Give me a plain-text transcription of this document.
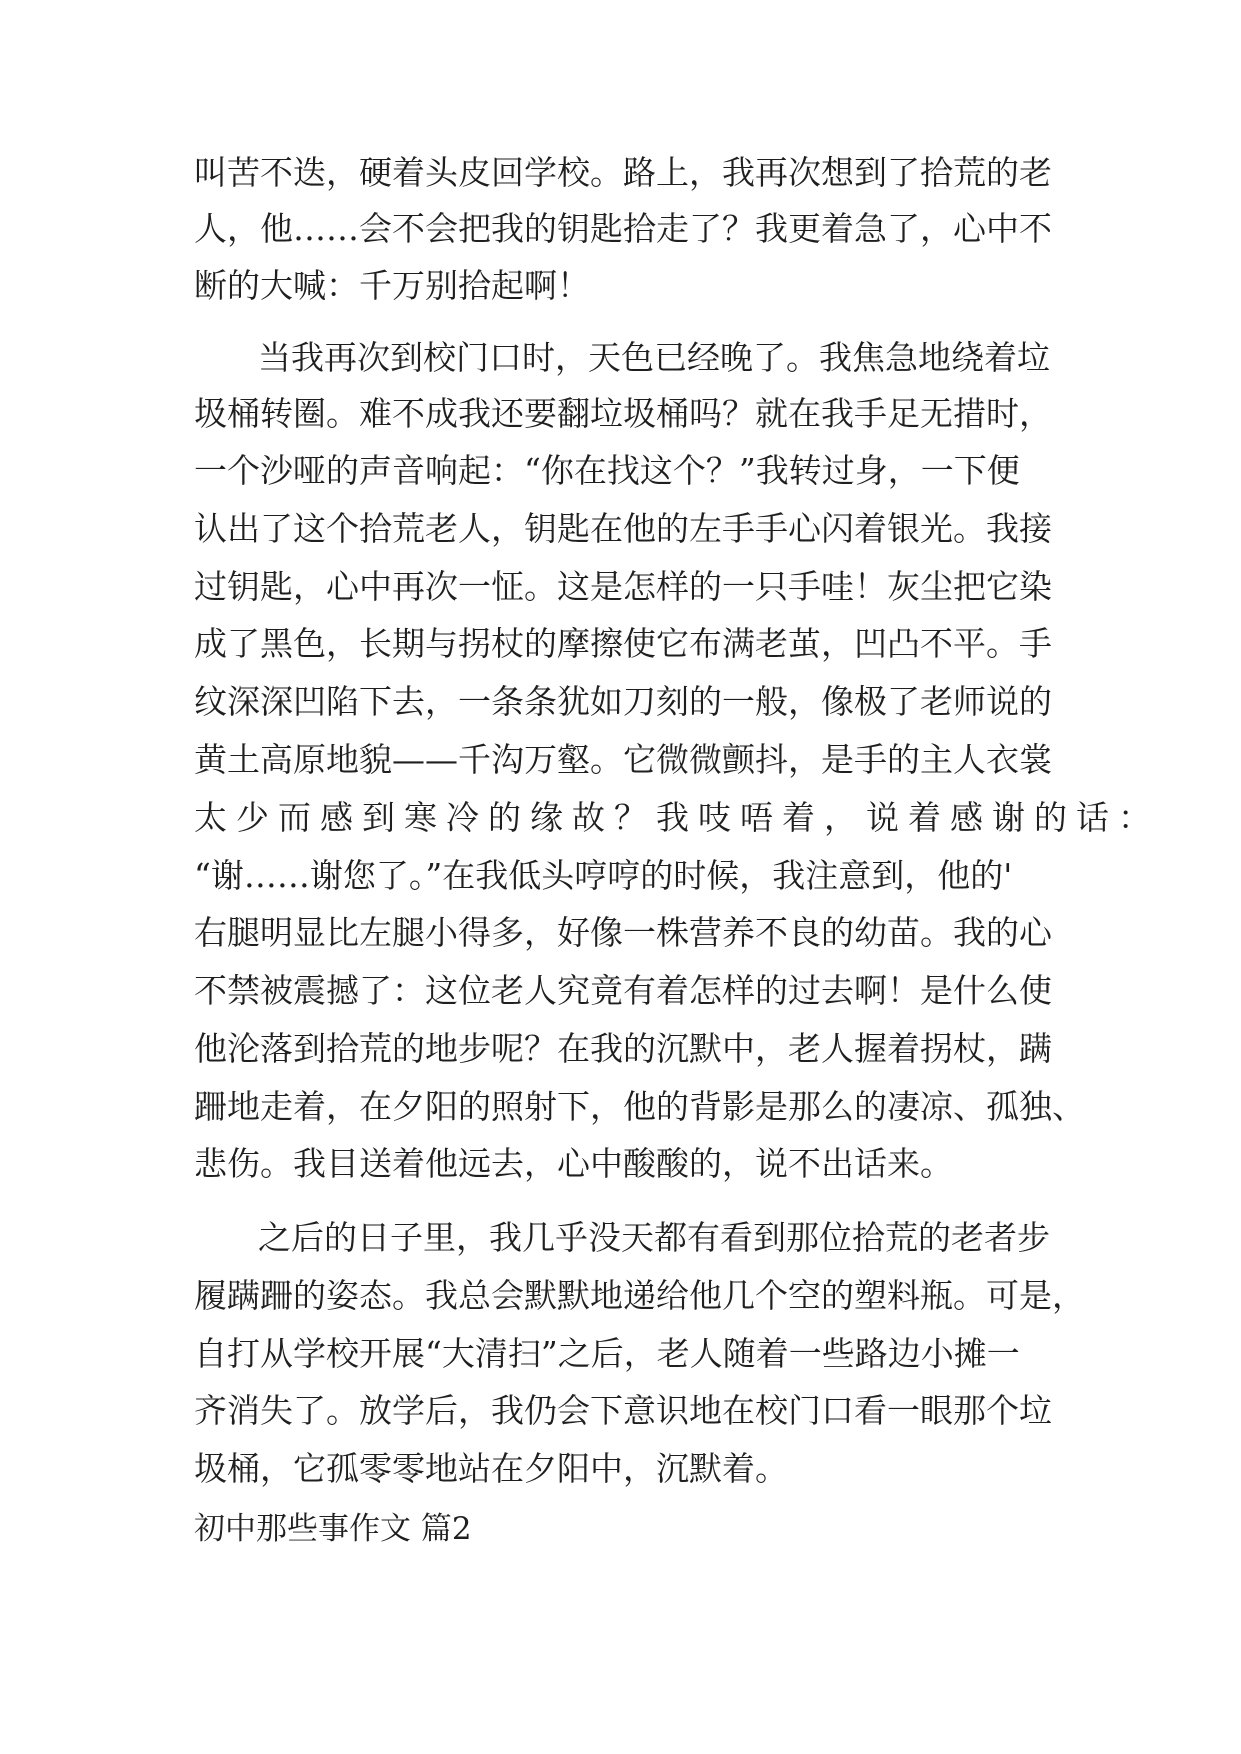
叫苦不迭，硬着头皮回学校。路上，我再次想到了拾荒的老
人，他……会不会把我的钥匙拾走了？我更着急了，心中不
断的大喊：千万别拾起啊！
当我再次到校门口时，天色已经晚了。我焦急地绕着垃
圾桶转圈。难不成我还要翻垃圾桶吗？就在我手足无措时，
一个沙哑的声音响起：“你在找这个？”我转过身，一下便
认出了这个拾荒老人，钥匙在他的左手手心闪着银光。我接
过钥匙，心中再次一怔。这是怎样的一只手哇！灰尘把它染
成了黑色，长期与拐杖的摩擦使它布满老茧，凹凸不平。手
纹深深凹陷下去，一条条犹如刀刻的一般，像极了老师说的
黄土高原地貌——千沟万壑。它微微颤抖，是手的主人衣裳
太少而感到寒冷的缘故？我吱唔着，说着感谢的话：
“谢……谢您了。”在我低头哼哼的时候，我注意到，他的'
右腿明显比左腿小得多，好像一株营养不良的幼苗。我的心
不禁被震撼了：这位老人究竟有着怎样的过去啊！是什么使
他沦落到拾荒的地步呢？在我的沉默中，老人握着拐杖，蹒
跚地走着，在夕阳的照射下，他的背影是那么的凄凉、孤独、
悲伤。我目送着他远去，心中酸酸的，说不出话来。
之后的日子里，我几乎没天都有看到那位拾荒的老者步
履蹒跚的姿态。我总会默默地递给他几个空的塑料瓶。可是，
自打从学校开展“大清扫”之后，老人随着一些路边小摊一
齐消失了。放学后，我仍会下意识地在校门口看一眼那个垃
圾桶，它孤零零地站在夕阳中，沉默着。
初中那些事作文 篇2
